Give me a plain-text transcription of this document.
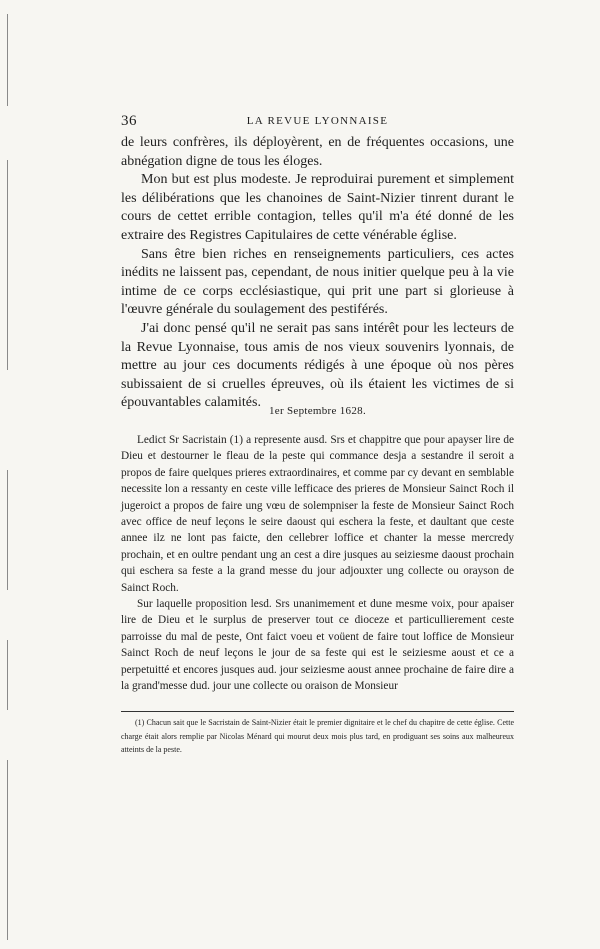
36	LA REVUE LYONNAISE

de leurs confrères, ils déployèrent, en de fréquentes occasions, une abnégation digne de tous les éloges.

Mon but est plus modeste. Je reproduirai purement et simplement les délibérations que les chanoines de Saint-Nizier tinrent durant le cours de cettet errible contagion, telles qu'il m'a été donné de les extraire des Registres Capitulaires de cette vénérable église.

Sans être bien riches en renseignements particuliers, ces actes inédits ne laissent pas, cependant, de nous initier quelque peu à la vie intime de ce corps ecclésiastique, qui prit une part si glorieuse à l'œuvre générale du soulagement des pestiférés.

J'ai donc pensé qu'il ne serait pas sans intérêt pour les lecteurs de la Revue Lyonnaise, tous amis de nos vieux souvenirs lyonnais, de mettre au jour ces documents rédigés à une époque où nos pères subissaient de si cruelles épreuves, où ils étaient les victimes de si épouvantables calamités.

1er Septembre 1628.

Ledict Sr Sacristain (1) a represente ausd. Srs et chappitre que pour apayser lire de Dieu et destourner le fleau de la peste qui commance desja a sestandre il seroit a propos de faire quelques prieres extraordinaires, et comme par cy devant en semblable necessite lon a ressanty en ceste ville lefficace des prieres de Monsieur Sainct Roch il jugeroict a propos de faire ung vœu de solempniser la feste de Monsieur Sainct Roch avec office de neuf leçons le seire daoust qui eschera la feste, et daultant que ceste annee ilz ne lont pas faicte, den cellebrer loffice et chanter la messe mercredy prochain, et en oultre pendant ung an cest a dire jusques au seiziesme daoust prochain qui eschera sa feste a la grand messe du jour adjouxter ung collecte ou orayson de Sainct Roch.

Sur laquelle proposition lesd. Srs unanimement et dune mesme voix, pour apaiser lire de Dieu et le surplus de preserver tout ce dioceze et particullierement ceste parroisse du mal de peste, Ont faict voeu et voüent de faire tout loffice de Monsieur Sainct Roch de neuf leçons le jour de sa feste qui est le seiziesme aoust et ce a perpetuitté et encores jusques aud. jour seiziesme aoust annee prochaine de faire dire a la grand'messe dud. jour une collecte ou oraison de Monsieur

(1) Chacun sait que le Sacristain de Saint-Nizier était le premier dignitaire et le chef du chapitre de cette église. Cette charge était alors remplie par Nicolas Ménard qui mourut deux mois plus tard, en prodiguant ses soins aux malheureux atteints de la peste.
